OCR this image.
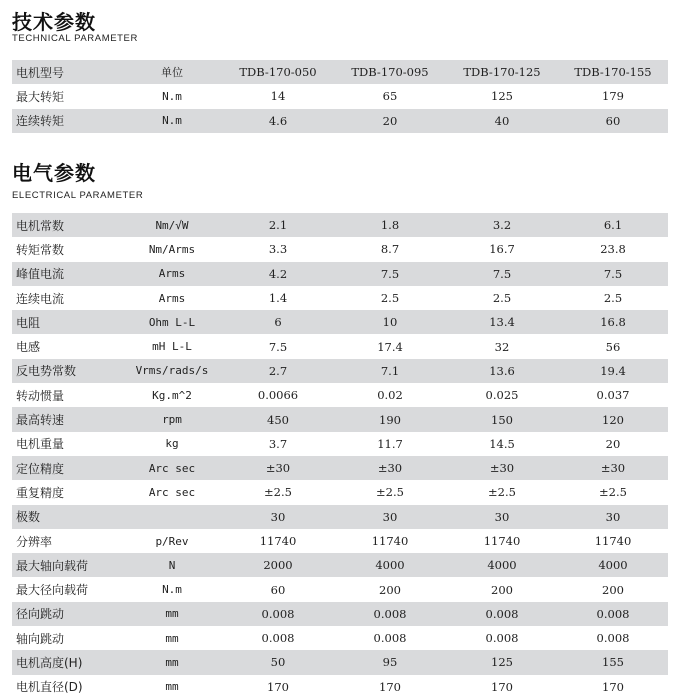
技术参数
TECHNICAL PARAMETER
电机型号	单位	TDB-170-050	TDB-170-095	TDB-170-125	TDB-170-155
最大转矩	N.m	14	65	125	179
连续转矩	N.m	4.6	20	40	60
电气参数
ELECTRICAL PARAMETER
电机常数	Nm/√W	2.1	1.8	3.2	6.1
转矩常数	Nm/Arms	3.3	8.7	16.7	23.8
峰值电流	Arms	4.2	7.5	7.5	7.5
连续电流	Arms	1.4	2.5	2.5	2.5
电阻	Ohm L-L	6	10	13.4	16.8
电感	mH L-L	7.5	17.4	32	56
反电势常数	Vrms/rads/s	2.7	7.1	13.6	19.4
转动惯量	Kg.m^2	0.0066	0.02	0.025	0.037
最高转速	rpm	450	190	150	120
电机重量	kg	3.7	11.7	14.5	20
定位精度	Arc sec	±30	±30	±30	±30
重复精度	Arc sec	±2.5	±2.5	±2.5	±2.5
极数		30	30	30	30
分辨率	p/Rev	11740	11740	11740	11740
最大轴向载荷	N	2000	4000	4000	4000
最大径向载荷	N.m	60	200	200	200
径向跳动	mm	0.008	0.008	0.008	0.008
轴向跳动	mm	0.008	0.008	0.008	0.008
电机高度(H)	mm	50	95	125	155
电机直径(D)	mm	170	170	170	170
